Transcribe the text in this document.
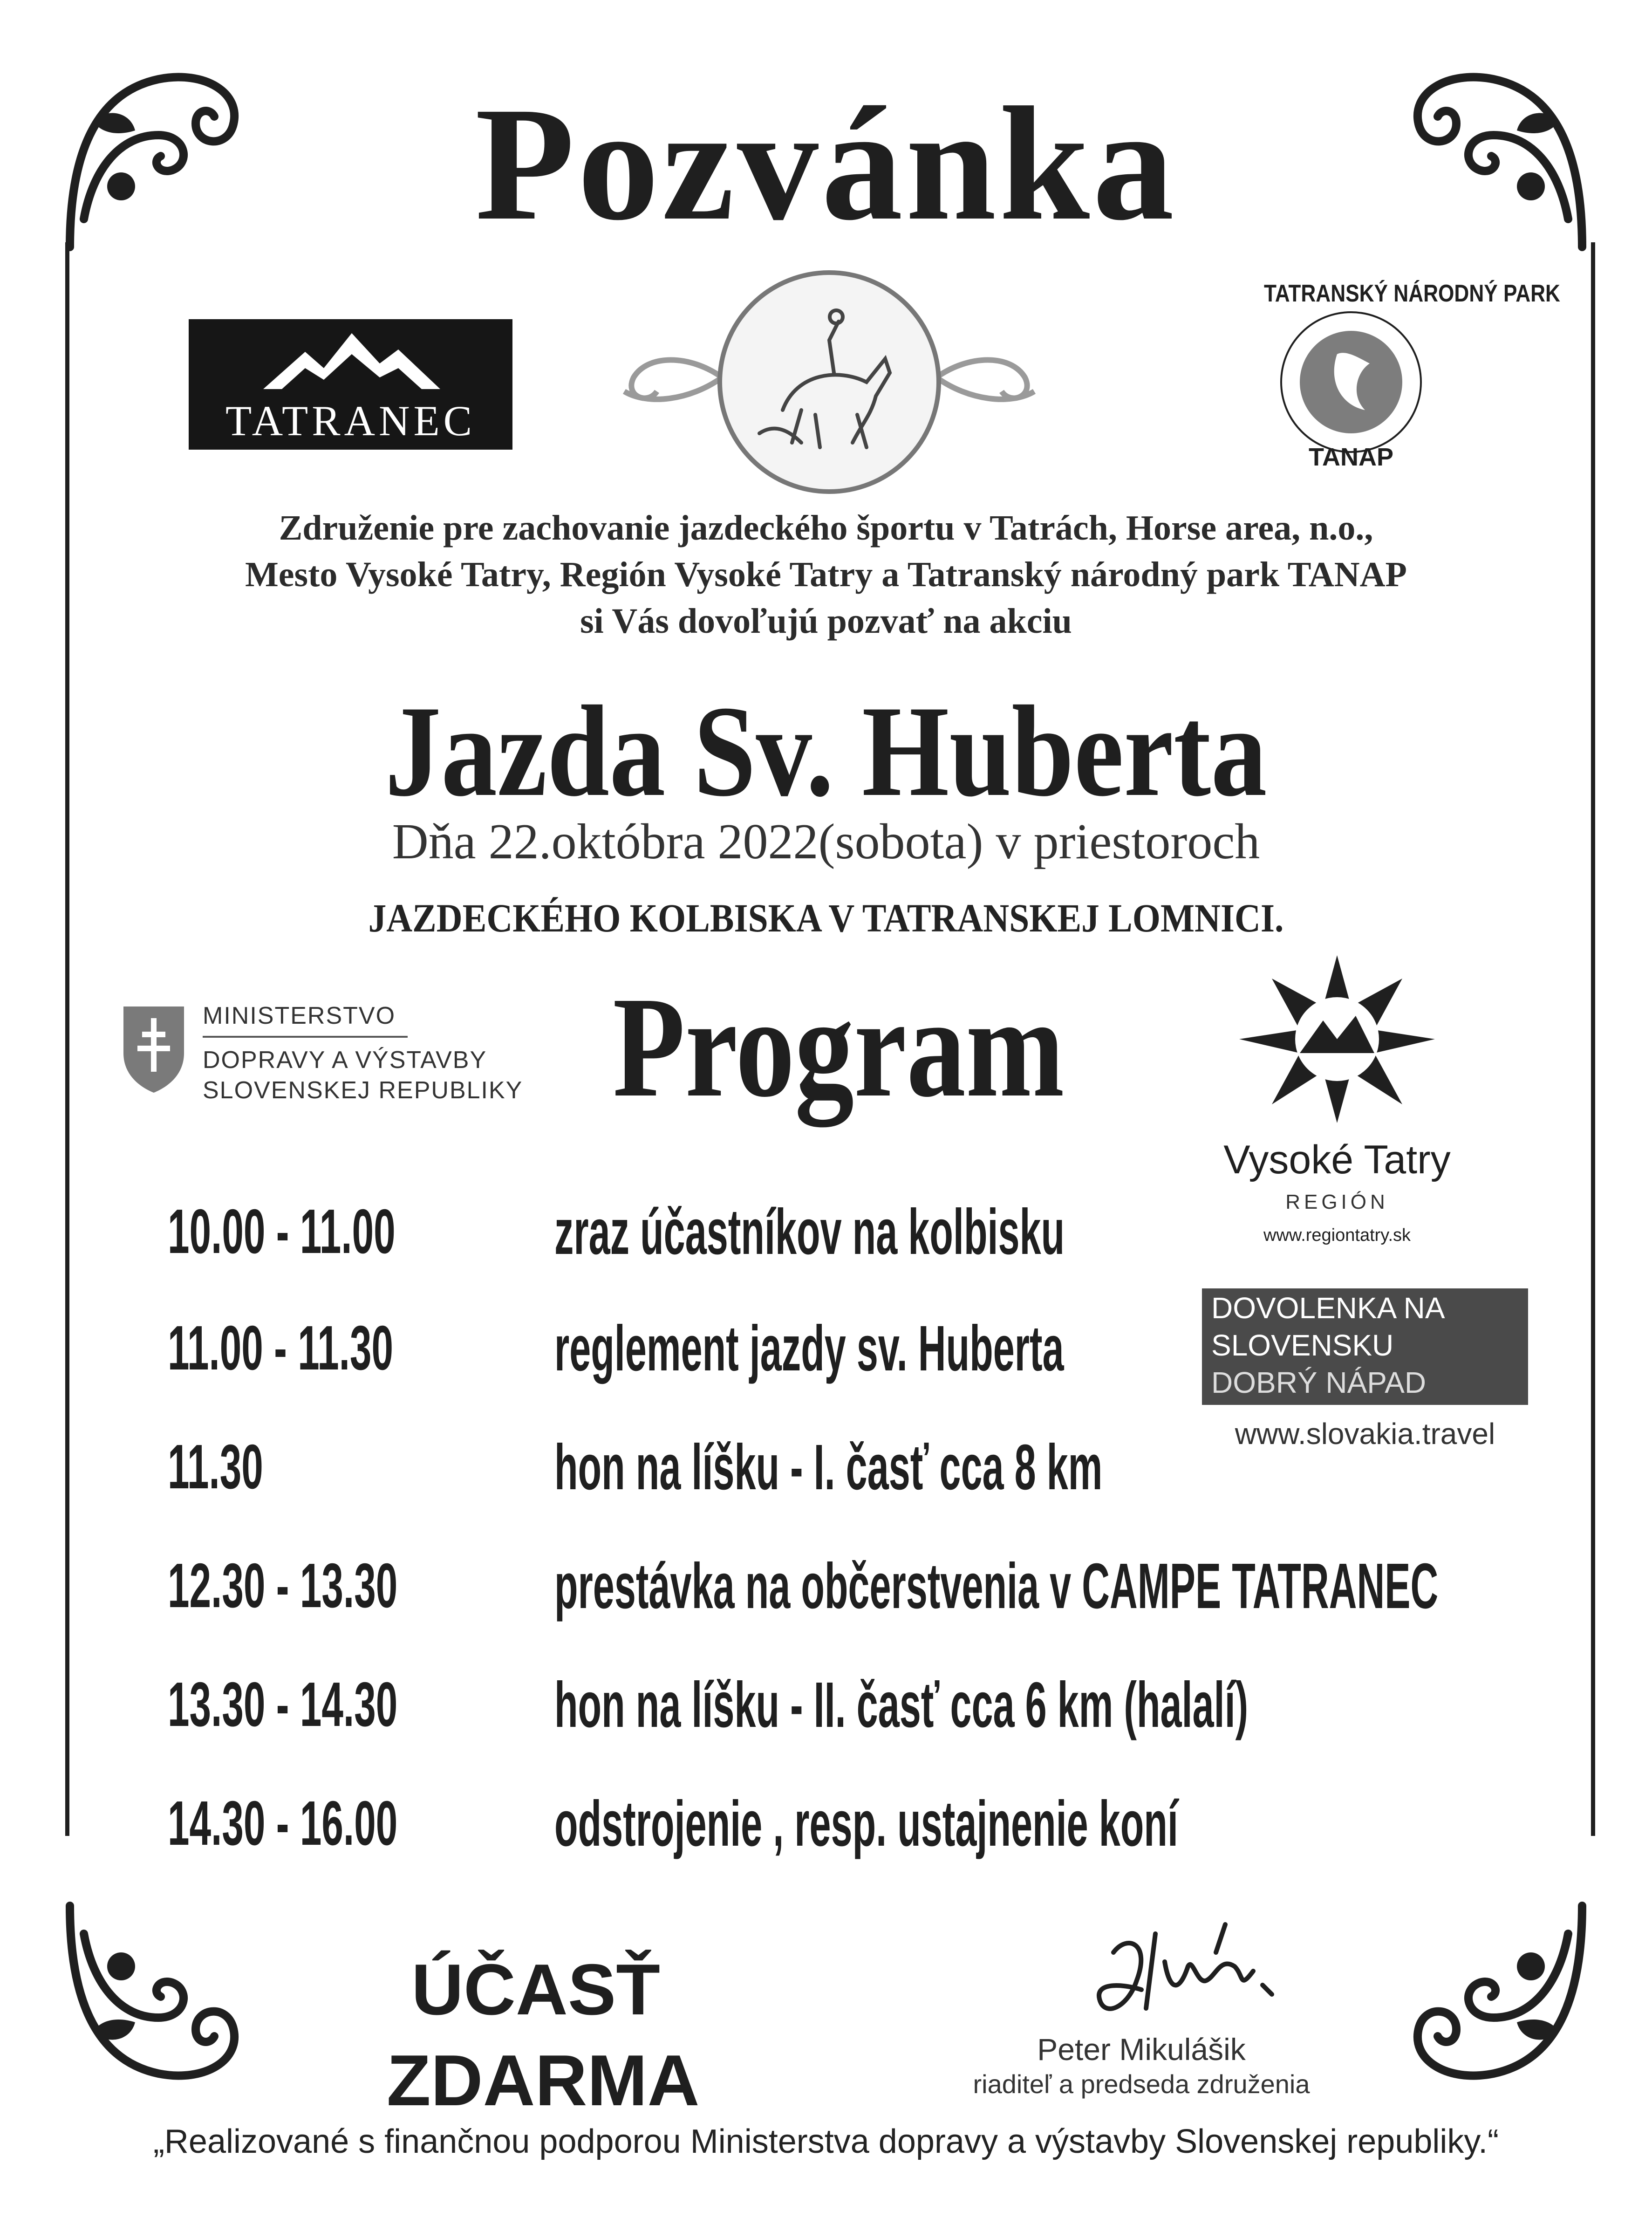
Pozvánka
TATRANEC
TATRANSKÝ NÁRODNÝ PARK
TANAP
Združenie pre zachovanie jazdeckého športu v Tatrách, Horse area, n.o.,
Mesto Vysoké Tatry, Región Vysoké Tatry a Tatranský národný park TANAP
si Vás dovoľujú pozvať na akciu
Jazda Sv. Huberta
Dňa 22.októbra 2022(sobota) v priestoroch
JAZDECKÉHO KOLBISKA V TATRANSKEJ LOMNICI.
MINISTERSTVO
DOPRAVY A VÝSTAVBY
SLOVENSKEJ REPUBLIKY Program
Vysoké Tatry
REGIÓN
www.regiontatry.sk
10.00 - 11.00 zraz účastníkov na kolbisku
11.00 - 11.30	reglement jazdy sv. Huberta
11.30	hon na líšku - I. časť cca 8 km
12.30 - 13.30 prestávka na občerstvenia v CAMPE TATRANEC
13.30 - 14.30 hon na líšku - II. časť cca 6 km (halalí)
14.30 - 16.00 odstrojenie , resp. ustajnenie koní
DOVOLENKA NA
SLOVENSKU
DOBRÝ NÁPAD
www.slovakia.travel
ÚČASŤ
ZDARMA	Peter Mikulášik
riaditeľ a predseda združenia
„Realizované s finančnou podporou Ministerstva dopravy a výstavby Slovenskej republiky.“
